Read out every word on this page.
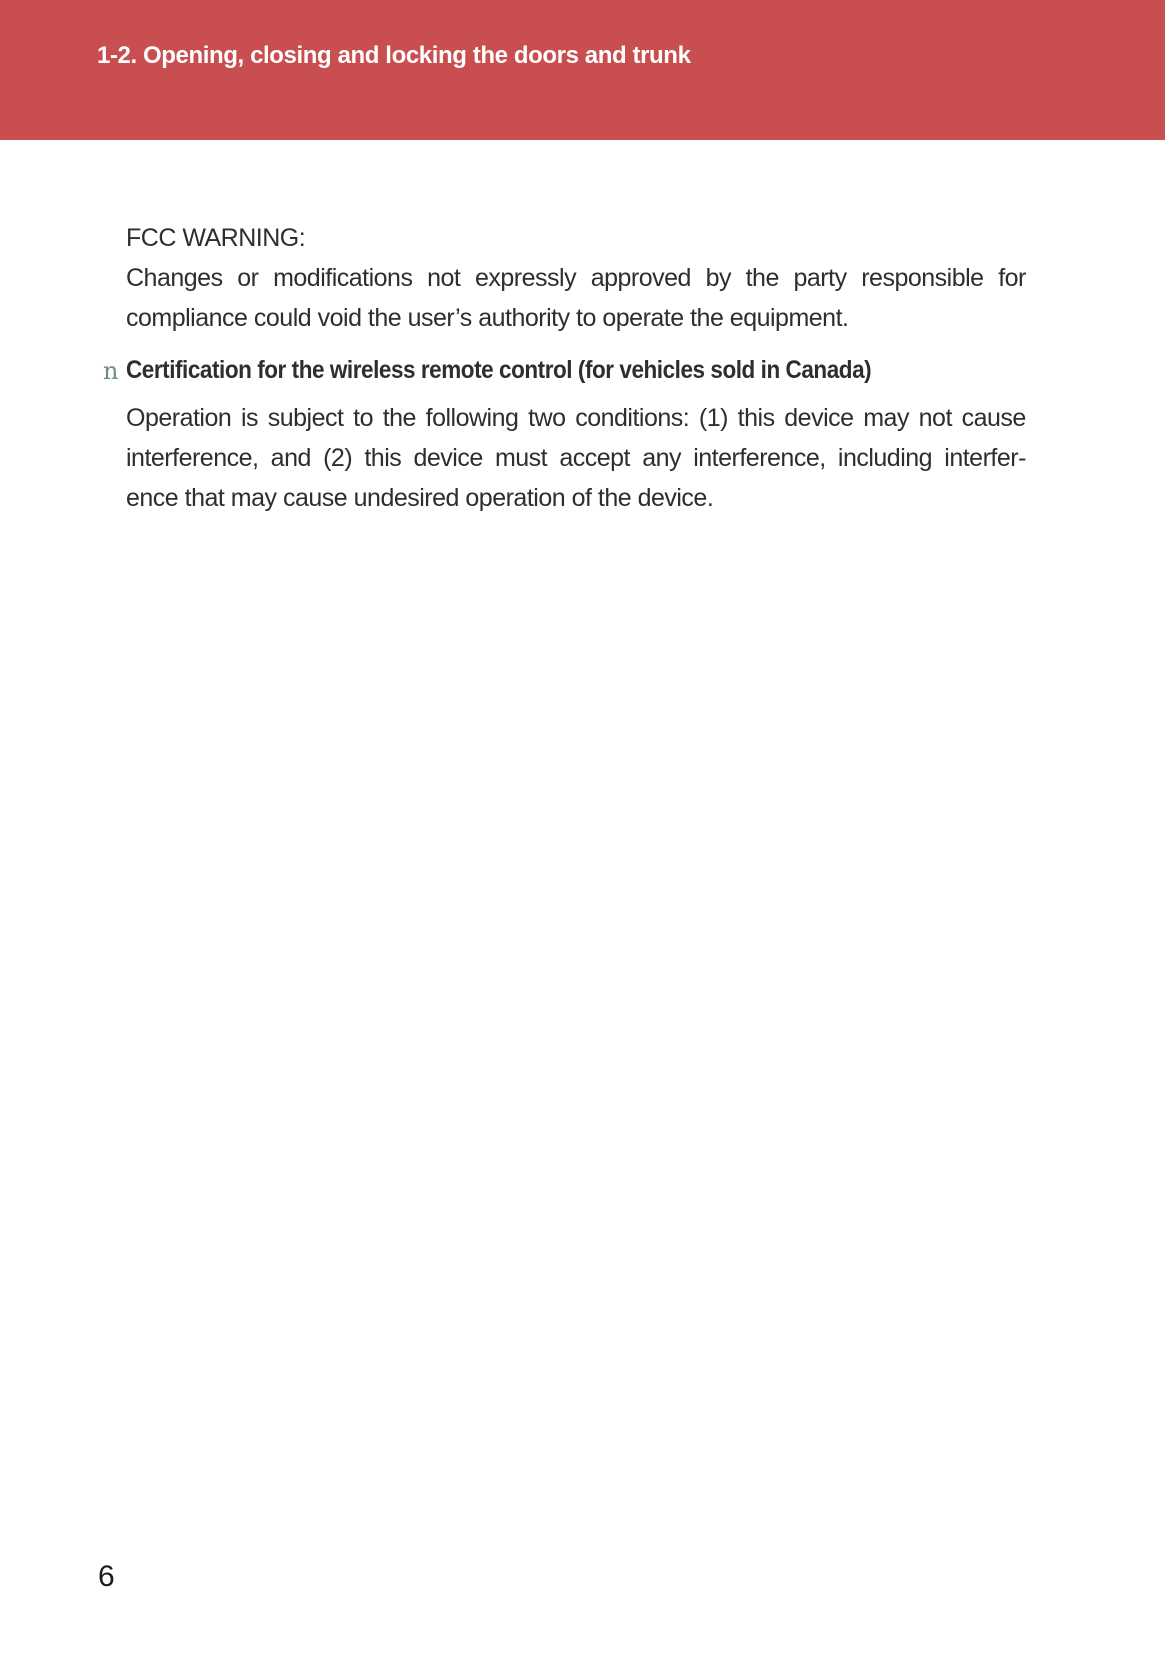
1-2. Opening, closing and locking the doors and trunk
FCC WARNING:
Changes or modifications not expressly approved by the party responsible for
compliance could void the user’s authority to operate the equipment.
n Certification for the wireless remote control (for vehicles sold in Canada)
Operation is subject to the following two conditions: (1) this device may not cause
interference, and (2) this device must accept any interference, including interfer-
ence that may cause undesired operation of the device.
6
